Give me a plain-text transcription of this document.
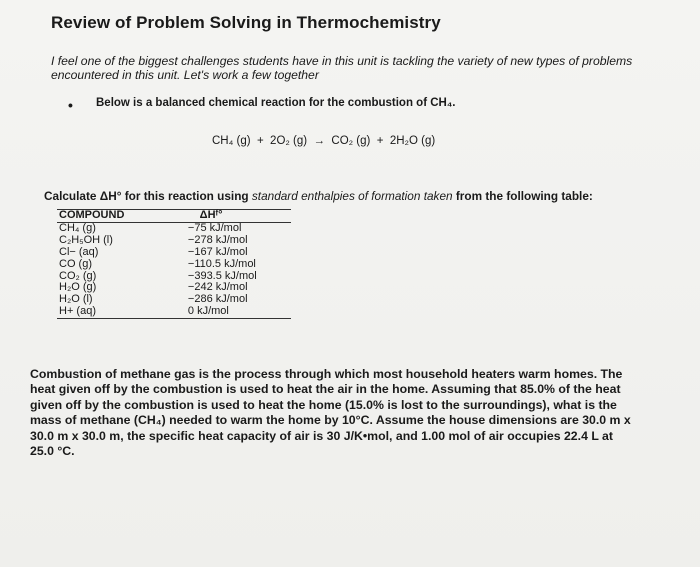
Review of Problem Solving in Thermochemistry
I feel one of the biggest challenges students have in this unit is tackling the variety of new types of problems encountered in this unit. Let's work a few together
• Below is a balanced chemical reaction for the combustion of CH₄.
CH₄ (g)  +  2O₂ (g)  →  CO₂ (g)  +  2H₂O (g)
Calculate ΔH° for this reaction using standard enthalpies of formation taken from the following table:
COMPOUND	ΔHᶠ°
CH₄ (g)	−75 kJ/mol
C₂H₅OH (l)	−278 kJ/mol
Cl− (aq)	−167 kJ/mol
CO (g)	−110.5 kJ/mol
CO₂ (g)	−393.5 kJ/mol
H₂O (g)	−242 kJ/mol
H₂O (l)	−286 kJ/mol
H+ (aq)	0 kJ/mol
Combustion of methane gas is the process through which most household heaters warm homes. The heat given off by the combustion is used to heat the air in the home. Assuming that 85.0% of the heat given off by the combustion is used to heat the home (15.0% is lost to the surroundings), what is the mass of methane (CH₄) needed to warm the home by 10°C. Assume the house dimensions are 30.0 m x 30.0 m x 30.0 m, the specific heat capacity of air is 30 J/K•mol, and 1.00 mol of air occupies 22.4 L at 25.0 °C.
